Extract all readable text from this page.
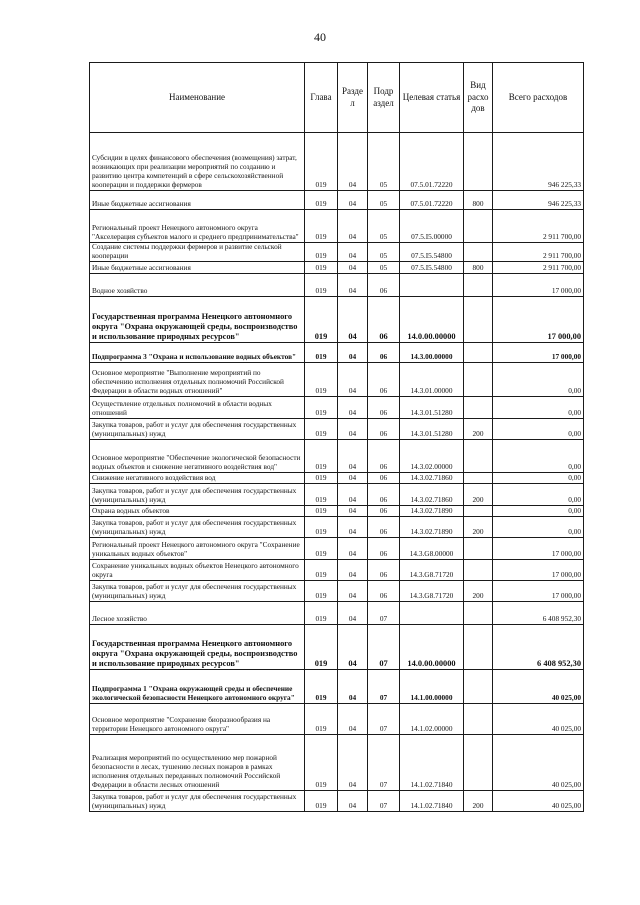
40
Наименование	Глава	Разде л	Подр аздел	Целевая статья	Вид расхо дов	Всего расходов
Субсидии в целях финансового обеспечения (возмещения) затрат, возникающих при реализации мероприятий по созданию и развитию центра компетенций в сфере сельскохозяйственной кооперации и поддержки фермеров	019	04	05	07.5.01.72220		946 225,33
Иные бюджетные ассигнования	019	04	05	07.5.01.72220	800	946 225,33
Региональный проект Ненецкого автономного округа "Акселерация субъектов малого и среднего предпринимательства"	019	04	05	07.5.I5.00000		2 911 700,00
Создание системы поддержки фермеров и развитие сельской кооперации	019	04	05	07.5.I5.54800		2 911 700,00
Иные бюджетные ассигнования	019	04	05	07.5.I5.54800	800	2 911 700,00
Водное хозяйство	019	04	06			17 000,00
Государственная программа Ненецкого автономного округа "Охрана окружающей среды, воспроизводство и использование природных ресурсов"	019	04	06	14.0.00.00000		17 000,00
Подпрограмма 3 "Охрана и использование водных объектов"	019	04	06	14.3.00.00000		17 000,00
Основное мероприятие "Выполнение мероприятий по обеспечению исполнения отдельных полномочий Российской Федерации в области водных отношений"	019	04	06	14.3.01.00000		0,00
Осуществление отдельных полномочий в области водных отношений	019	04	06	14.3.01.51280		0,00
Закупка товаров, работ и услуг для обеспечения государственных (муниципальных) нужд	019	04	06	14.3.01.51280	200	0,00
Основное мероприятие "Обеспечение экологической безопасности водных объектов и снижение негативного воздействия вод"	019	04	06	14.3.02.00000		0,00
Снижение негативного воздействия вод	019	04	06	14.3.02.71860		0,00
Закупка товаров, работ и услуг для обеспечения государственных (муниципальных) нужд	019	04	06	14.3.02.71860	200	0,00
Охрана водных объектов	019	04	06	14.3.02.71890		0,00
Закупка товаров, работ и услуг для обеспечения государственных (муниципальных) нужд	019	04	06	14.3.02.71890	200	0,00
Региональный проект Ненецкого автономного округа "Сохранение уникальных водных объектов"	019	04	06	14.3.G8.00000		17 000,00
Сохранение уникальных водных объектов Ненецкого автономного округа	019	04	06	14.3.G8.71720		17 000,00
Закупка товаров, работ и услуг для обеспечения государственных (муниципальных) нужд	019	04	06	14.3.G8.71720	200	17 000,00
Лесное хозяйство	019	04	07			6 408 952,30
Государственная программа Ненецкого автономного округа "Охрана окружающей среды, воспроизводство и использование природных ресурсов"	019	04	07	14.0.00.00000		6 408 952,30
Подпрограмма 1 "Охрана окружающей среды и обеспечение экологической безопасности Ненецкого автономного округа"	019	04	07	14.1.00.00000		40 025,00
Основное мероприятие "Сохранение биоразнообразия на территории Ненецкого автономного округа"	019	04	07	14.1.02.00000		40 025,00
Реализация мероприятий по осуществлению мер пожарной безопасности в лесах, тушению лесных пожаров в рамках исполнения отдельных переданных полномочий Российской Федерации в области лесных отношений	019	04	07	14.1.02.71840		40 025,00
Закупка товаров, работ и услуг для обеспечения государственных (муниципальных) нужд	019	04	07	14.1.02.71840	200	40 025,00
